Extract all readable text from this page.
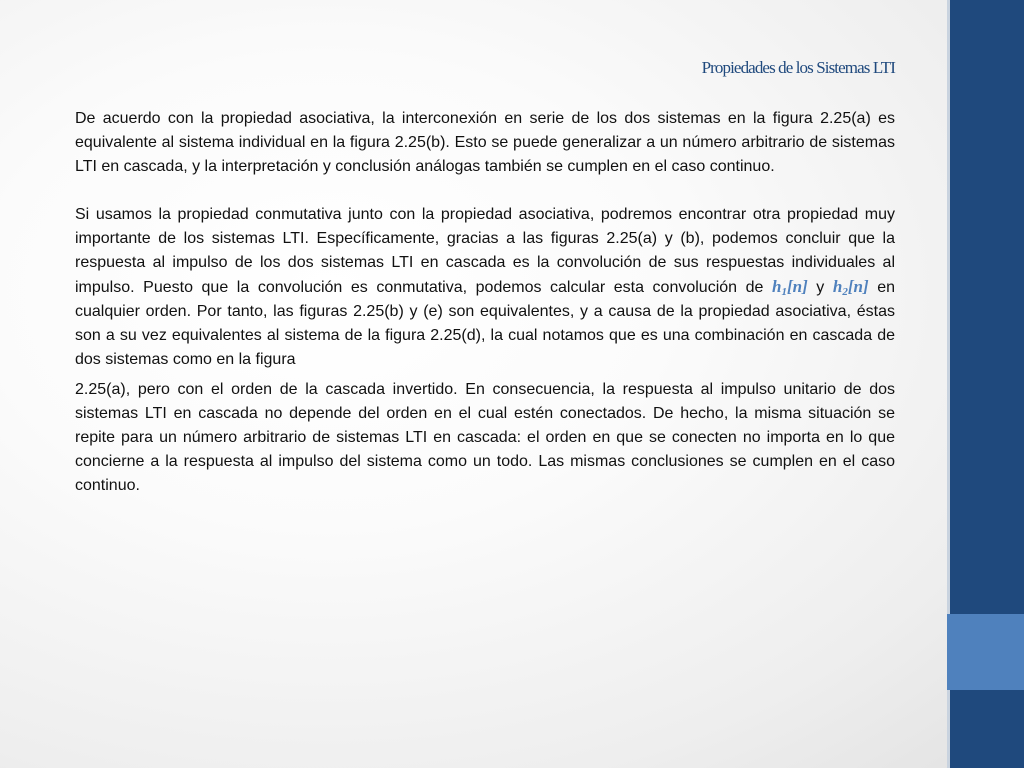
Propiedades de los Sistemas LTI

De acuerdo con la propiedad asociativa, la interconexión en serie de los dos sistemas en la figura 2.25(a) es equivalente al sistema individual en la figura 2.25(b). Esto se puede generalizar a un número arbitrario de sistemas LTI en cascada, y la interpretación y conclusión análogas también se cumplen en el caso continuo.

Si usamos la propiedad conmutativa junto con la propiedad asociativa, podremos encontrar otra propiedad muy importante de los sistemas LTI. Específicamente, gracias a las figuras 2.25(a) y (b), podemos concluir que la respuesta al impulso de los dos sistemas LTI en cascada es la convolución de sus respuestas individuales al impulso. Puesto que la convolución es conmutativa, podemos calcular esta convolución de $h_1[n]$ y $h_2[n]$ en cualquier orden. Por tanto, las figuras 2.25(b) y (e) son equivalentes, y a causa de la propiedad asociativa, éstas son a su vez equivalentes al sistema de la figura 2.25(d), la cual notamos que es una combinación en cascada de dos sistemas como en la figura

2.25(a), pero con el orden de la cascada invertido. En consecuencia, la respuesta al impulso unitario de dos sistemas LTI en cascada no depende del orden en el cual estén conectados. De hecho, la misma situación se repite para un número arbitrario de sistemas LTI en cascada: el orden en que se conecten no importa en lo que concierne a la respuesta al impulso del sistema como un todo. Las mismas conclusiones se cumplen en el caso continuo.
